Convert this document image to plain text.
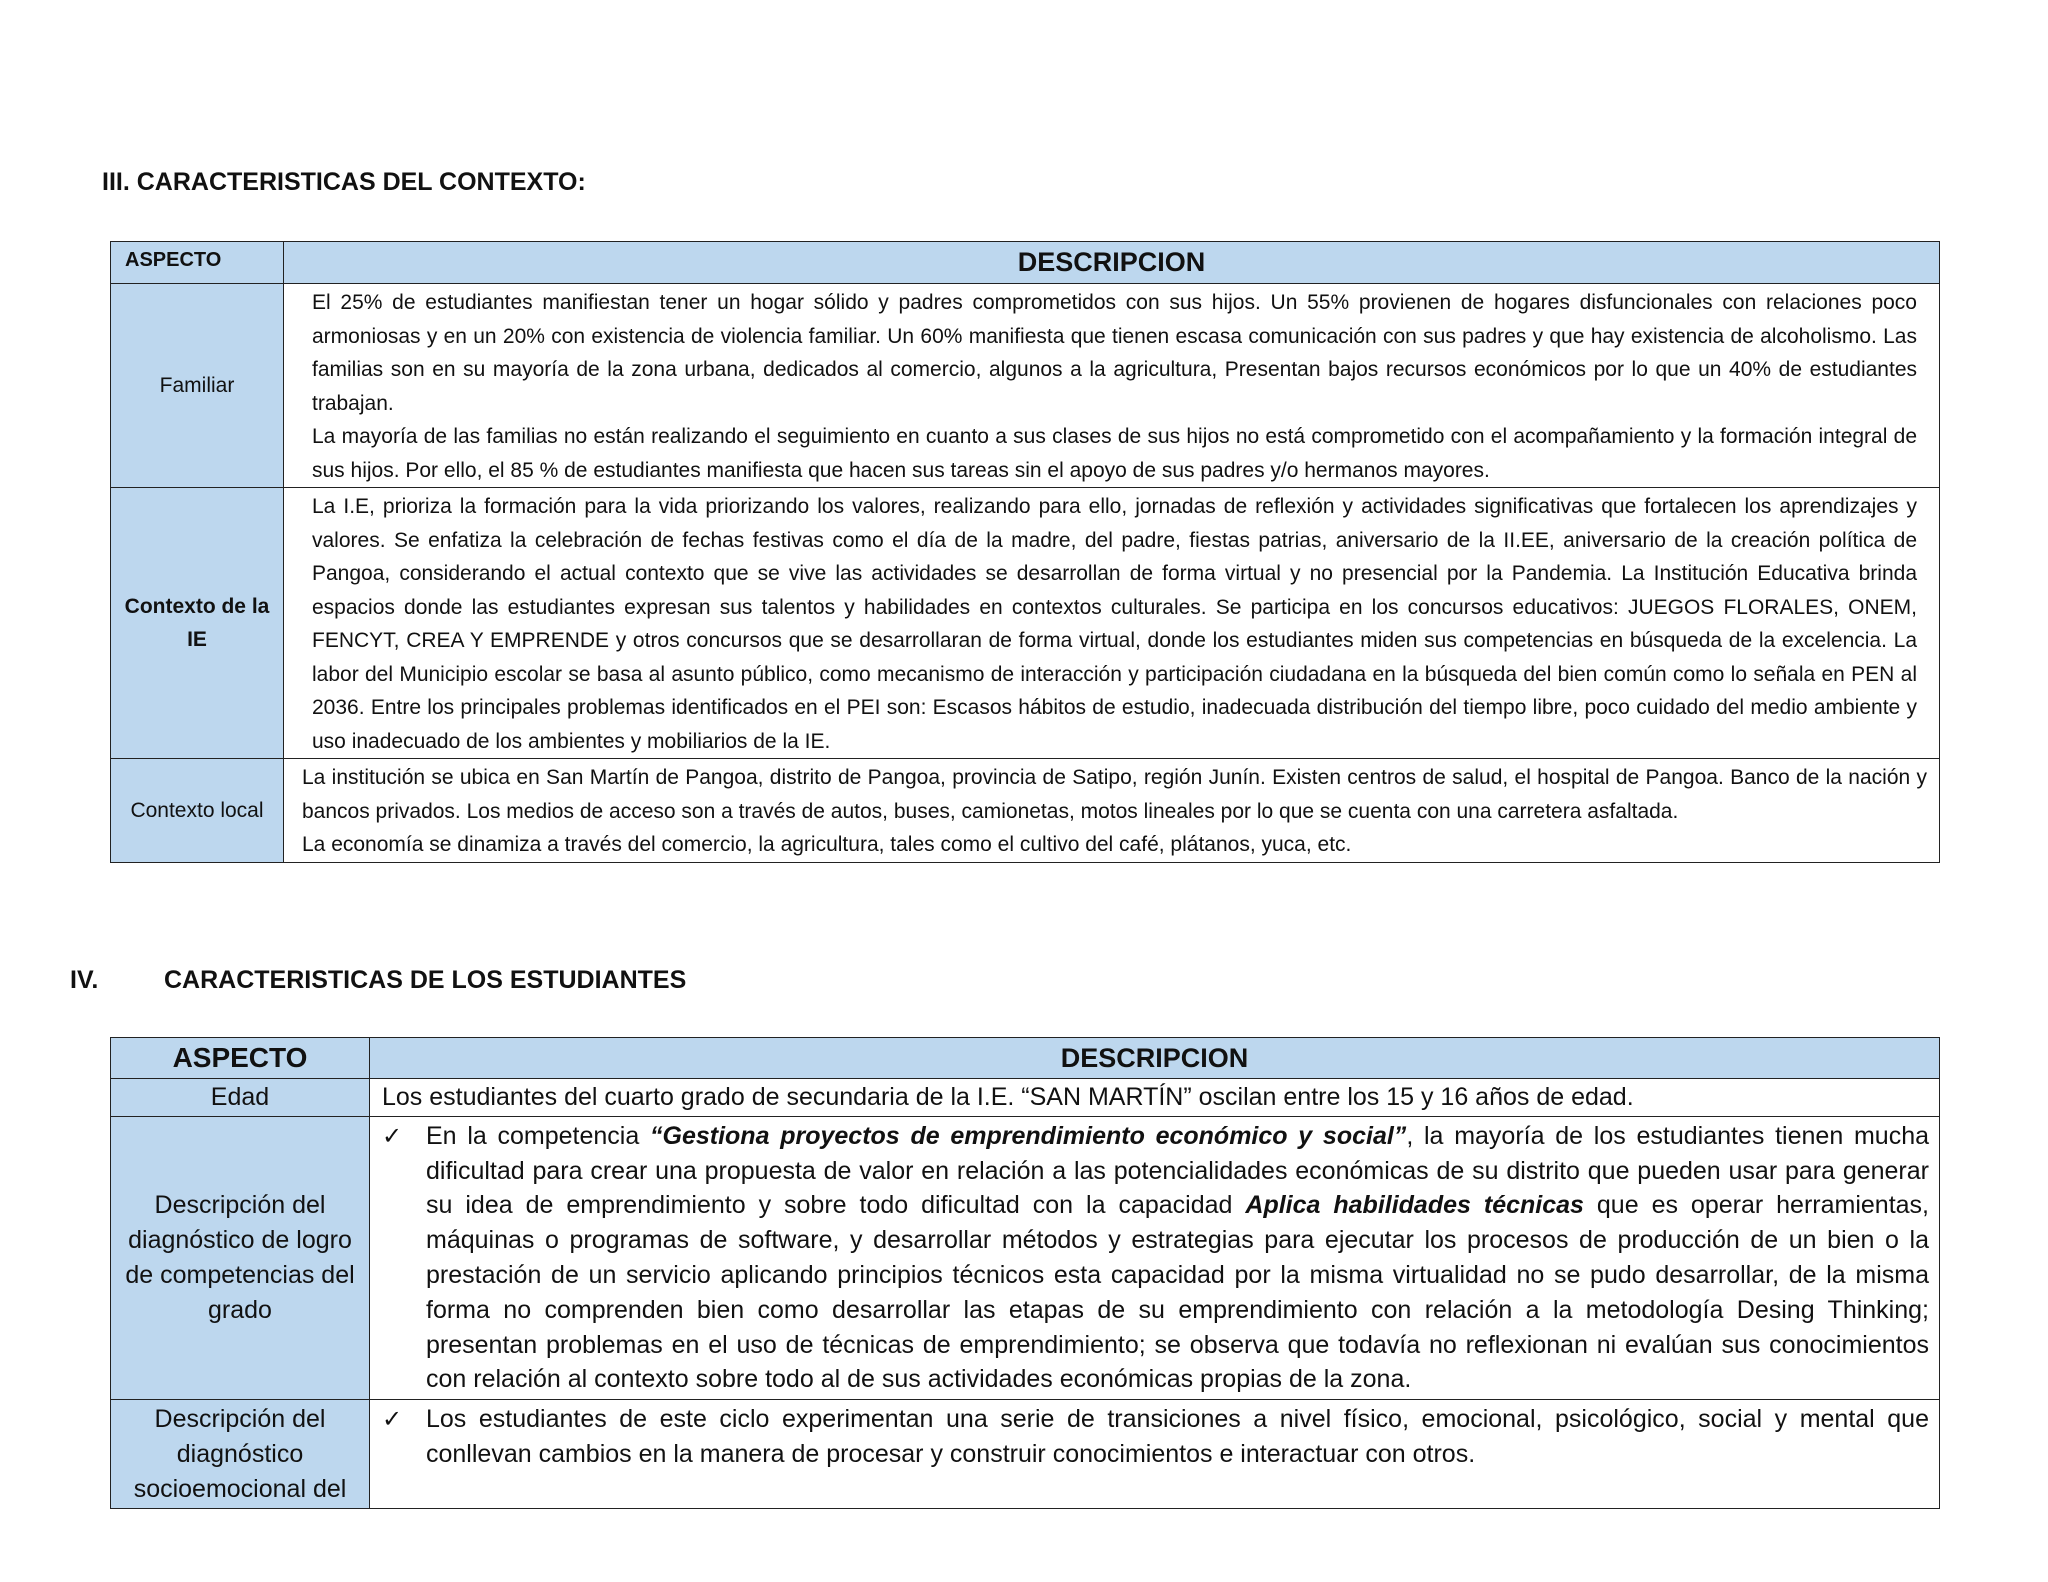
III. CARACTERISTICAS DEL CONTEXTO:
ASPECTO	DESCRIPCION
Familiar	El 25% de estudiantes manifiestan tener un hogar sólido y padres comprometidos con sus hijos. Un 55% provienen de hogares disfuncionales con relaciones poco armoniosas y en un 20% con existencia de violencia familiar. Un 60% manifiesta que tienen escasa comunicación con sus padres y que hay existencia de alcoholismo. Las familias son en su mayoría de la zona urbana, dedicados al comercio, algunos a la agricultura, Presentan bajos recursos económicos por lo que un 40% de estudiantes trabajan.

La mayoría de las familias no están realizando el seguimiento en cuanto a sus clases de sus hijos no está comprometido con el acompañamiento y la formación integral de sus hijos. Por ello, el 85 % de estudiantes manifiesta que hacen sus tareas sin el apoyo de sus padres y/o hermanos mayores.

Contexto de la IE	La I.E, prioriza la formación para la vida priorizando los valores, realizando para ello, jornadas de reflexión y actividades significativas que fortalecen los aprendizajes y valores. Se enfatiza la celebración de fechas festivas como el día de la madre, del padre, fiestas patrias, aniversario de la II.EE, aniversario de la creación política de Pangoa, considerando el actual contexto que se vive las actividades se desarrollan de forma virtual y no presencial por la Pandemia. La Institución Educativa brinda espacios donde las estudiantes expresan sus talentos y habilidades en contextos culturales. Se participa en los concursos educativos: JUEGOS FLORALES, ONEM, FENCYT, CREA Y EMPRENDE y otros concursos que se desarrollaran de forma virtual, donde los estudiantes miden sus competencias en búsqueda de la excelencia. La labor del Municipio escolar se basa al asunto público, como mecanismo de interacción y participación ciudadana en la búsqueda del bien común como lo señala en PEN al 2036. Entre los principales problemas identificados en el PEI son: Escasos hábitos de estudio, inadecuada distribución del tiempo libre, poco cuidado del medio ambiente y uso inadecuado de los ambientes y mobiliarios de la IE.

Contexto local	La institución se ubica en San Martín de Pangoa, distrito de Pangoa, provincia de Satipo, región Junín. Existen centros de salud, el hospital de Pangoa. Banco de la nación y bancos privados. Los medios de acceso son a través de autos, buses, camionetas, motos lineales por lo que se cuenta con una carretera asfaltada.

La economía se dinamiza a través del comercio, la agricultura, tales como el cultivo del café, plátanos, yuca, etc.

IV.	CARACTERISTICAS DE LOS ESTUDIANTES
ASPECTO	DESCRIPCION
Edad	Los estudiantes del cuarto grado de secundaria de la I.E. “SAN MARTÍN” oscilan entre los 15 y 16 años de edad.
Descripción del diagnóstico de logro de competencias del grado	✓ En la competencia “Gestiona proyectos de emprendimiento económico y social”, la mayoría de los estudiantes tienen mucha dificultad para crear una propuesta de valor en relación a las potencialidades económicas de su distrito que pueden usar para generar su idea de emprendimiento y sobre todo dificultad con la capacidad Aplica habilidades técnicas que es operar herramientas, máquinas o programas de software, y desarrollar métodos y estrategias para ejecutar los procesos de producción de un bien o la prestación de un servicio aplicando principios técnicos esta capacidad por la misma virtualidad no se pudo desarrollar, de la misma forma no comprenden bien como desarrollar las etapas de su emprendimiento con relación a la metodología Desing Thinking; presentan problemas en el uso de técnicas de emprendimiento; se observa que todavía no reflexionan ni evalúan sus conocimientos con relación al contexto sobre todo al de sus actividades económicas propias de la zona.

Descripción del diagnóstico socioemocional del	✓ Los estudiantes de este ciclo experimentan una serie de transiciones a nivel físico, emocional, psicológico, social y mental que conllevan cambios en la manera de procesar y construir conocimientos e interactuar con otros.
